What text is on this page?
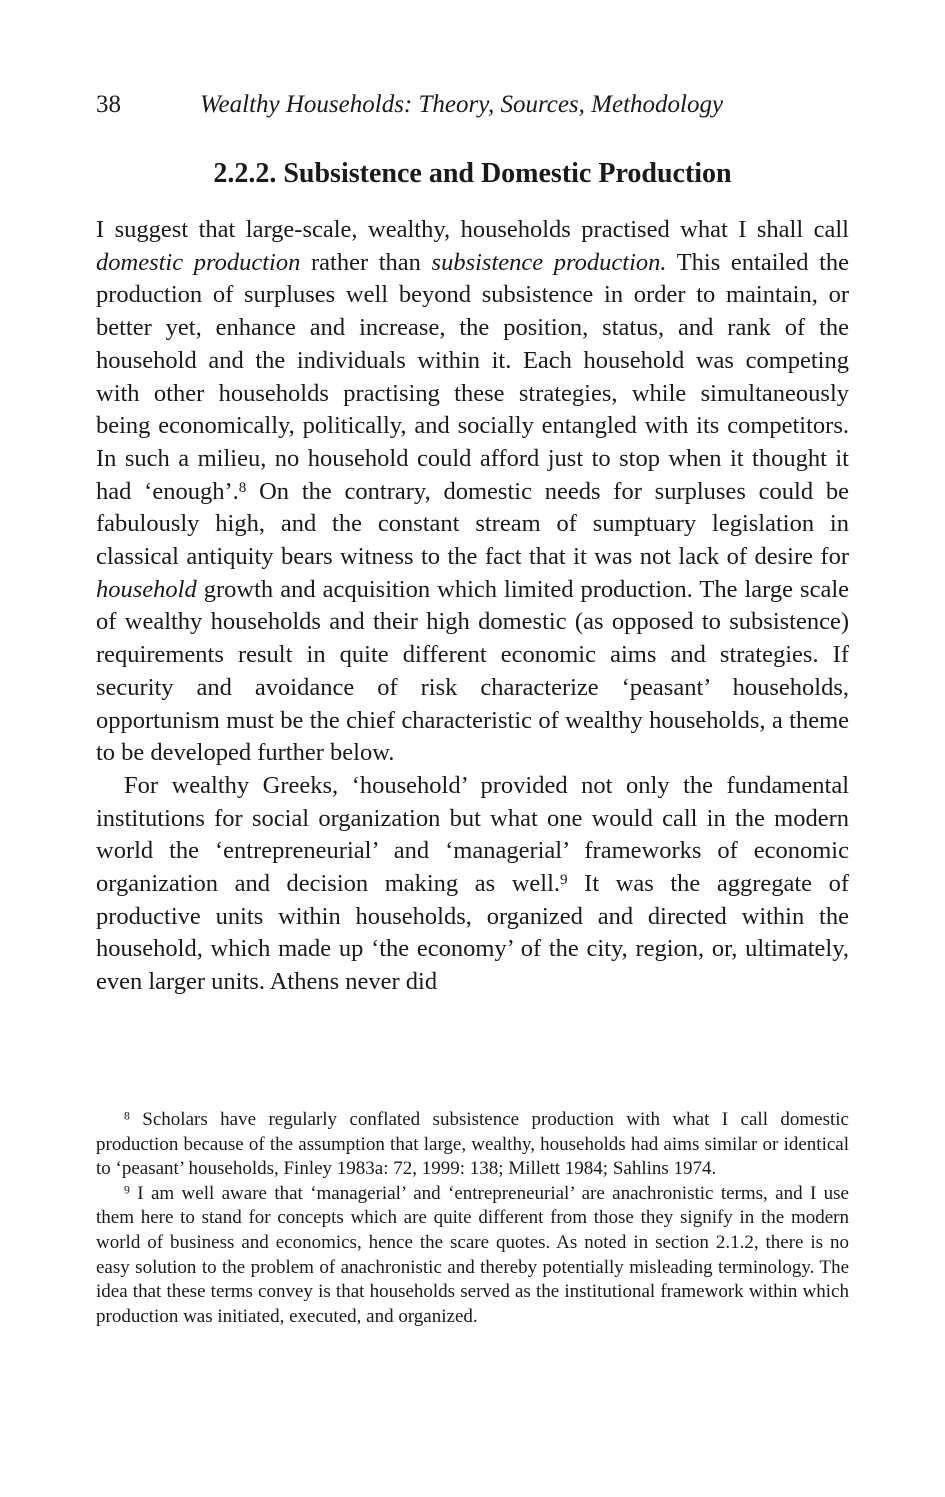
38	Wealthy Households: Theory, Sources, Methodology
2.2.2. Subsistence and Domestic Production

I suggest that large-scale, wealthy, households practised what I shall call domestic production rather than subsistence production. This entailed the production of surpluses well beyond subsistence in order to maintain, or better yet, enhance and increase, the position, status, and rank of the household and the individuals within it. Each household was competing with other households practising these strategies, while simultaneously being economically, politically, and socially entangled with its competitors. In such a milieu, no household could afford just to stop when it thought it had ‘enough’.$^8$ On the contrary, domestic needs for surpluses could be fabulously high, and the constant stream of sumptuary legislation in classical antiquity bears witness to the fact that it was not lack of desire for household growth and acquisition which limited production. The large scale of wealthy households and their high domestic (as opposed to subsistence) requirements result in quite different economic aims and strategies. If security and avoidance of risk characterize ‘peasant’ households, opportunism must be the chief characteristic of wealthy households, a theme to be developed further below.

For wealthy Greeks, ‘household’ provided not only the fundamental institutions for social organization but what one would call in the modern world the ‘entrepreneurial’ and ‘managerial’ frameworks of economic organization and decision making as well.$^9$ It was the aggregate of productive units within households, organized and directed within the household, which made up ‘the economy’ of the city, region, or, ultimately, even larger units. Athens never did

$^8$ Scholars have regularly conflated subsistence production with what I call domestic production because of the assumption that large, wealthy, households had aims similar or identical to ‘peasant’ households, Finley 1983a: 72, 1999: 138; Millett 1984; Sahlins 1974.

$^9$ I am well aware that ‘managerial’ and ‘entrepreneurial’ are anachronistic terms, and I use them here to stand for concepts which are quite different from those they signify in the modern world of business and economics, hence the scare quotes. As noted in section 2.1.2, there is no easy solution to the problem of anachronistic and thereby potentially misleading terminology. The idea that these terms convey is that households served as the institutional framework within which production was initiated, executed, and organized.
